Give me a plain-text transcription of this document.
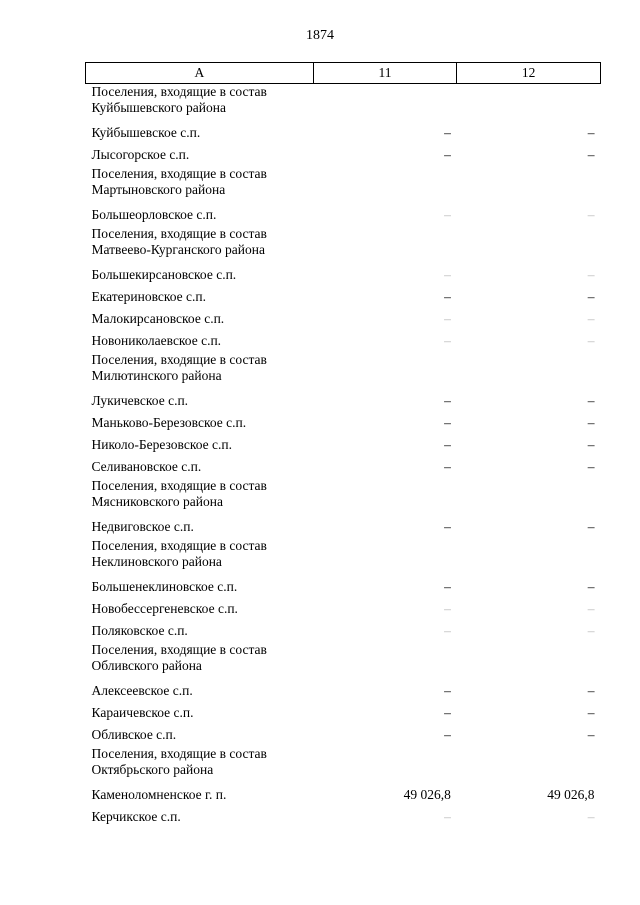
1874
A	11	12
Поселения, входящие в состав Куйбышевского района		
Куйбышевское с.п.	–	–
Лысогорское с.п.	–	–
Поселения, входящие в состав Мартыновского района		
Большеорловское с.п.	–	–
Поселения, входящие в состав Матвеево-Курганского района		
Большекирсановское с.п.	–	–
Екатериновское с.п.	–	–
Малокирсановское с.п.	–	–
Новониколаевское с.п.	–	–
Поселения, входящие в состав Милютинского района		
Лукичевское с.п.	–	–
Маньково-Березовское с.п.	–	–
Николо-Березовское с.п.	–	–
Селивановское с.п.	–	–
Поселения, входящие в состав Мясниковского района		
Недвиговское с.п.	–	–
Поселения, входящие в состав Неклиновского района		
Большенеклиновское с.п.	–	–
Новобессергеневское с.п.	–	–
Поляковское с.п.	–	–
Поселения, входящие в состав Обливского района		
Алексеевское с.п.	–	–
Караичевское с.п.	–	–
Обливское с.п.	–	–
Поселения, входящие в состав Октябрьского района		
Каменоломненское г. п.	49 026,8	49 026,8
Керчикское с.п.	–	–
